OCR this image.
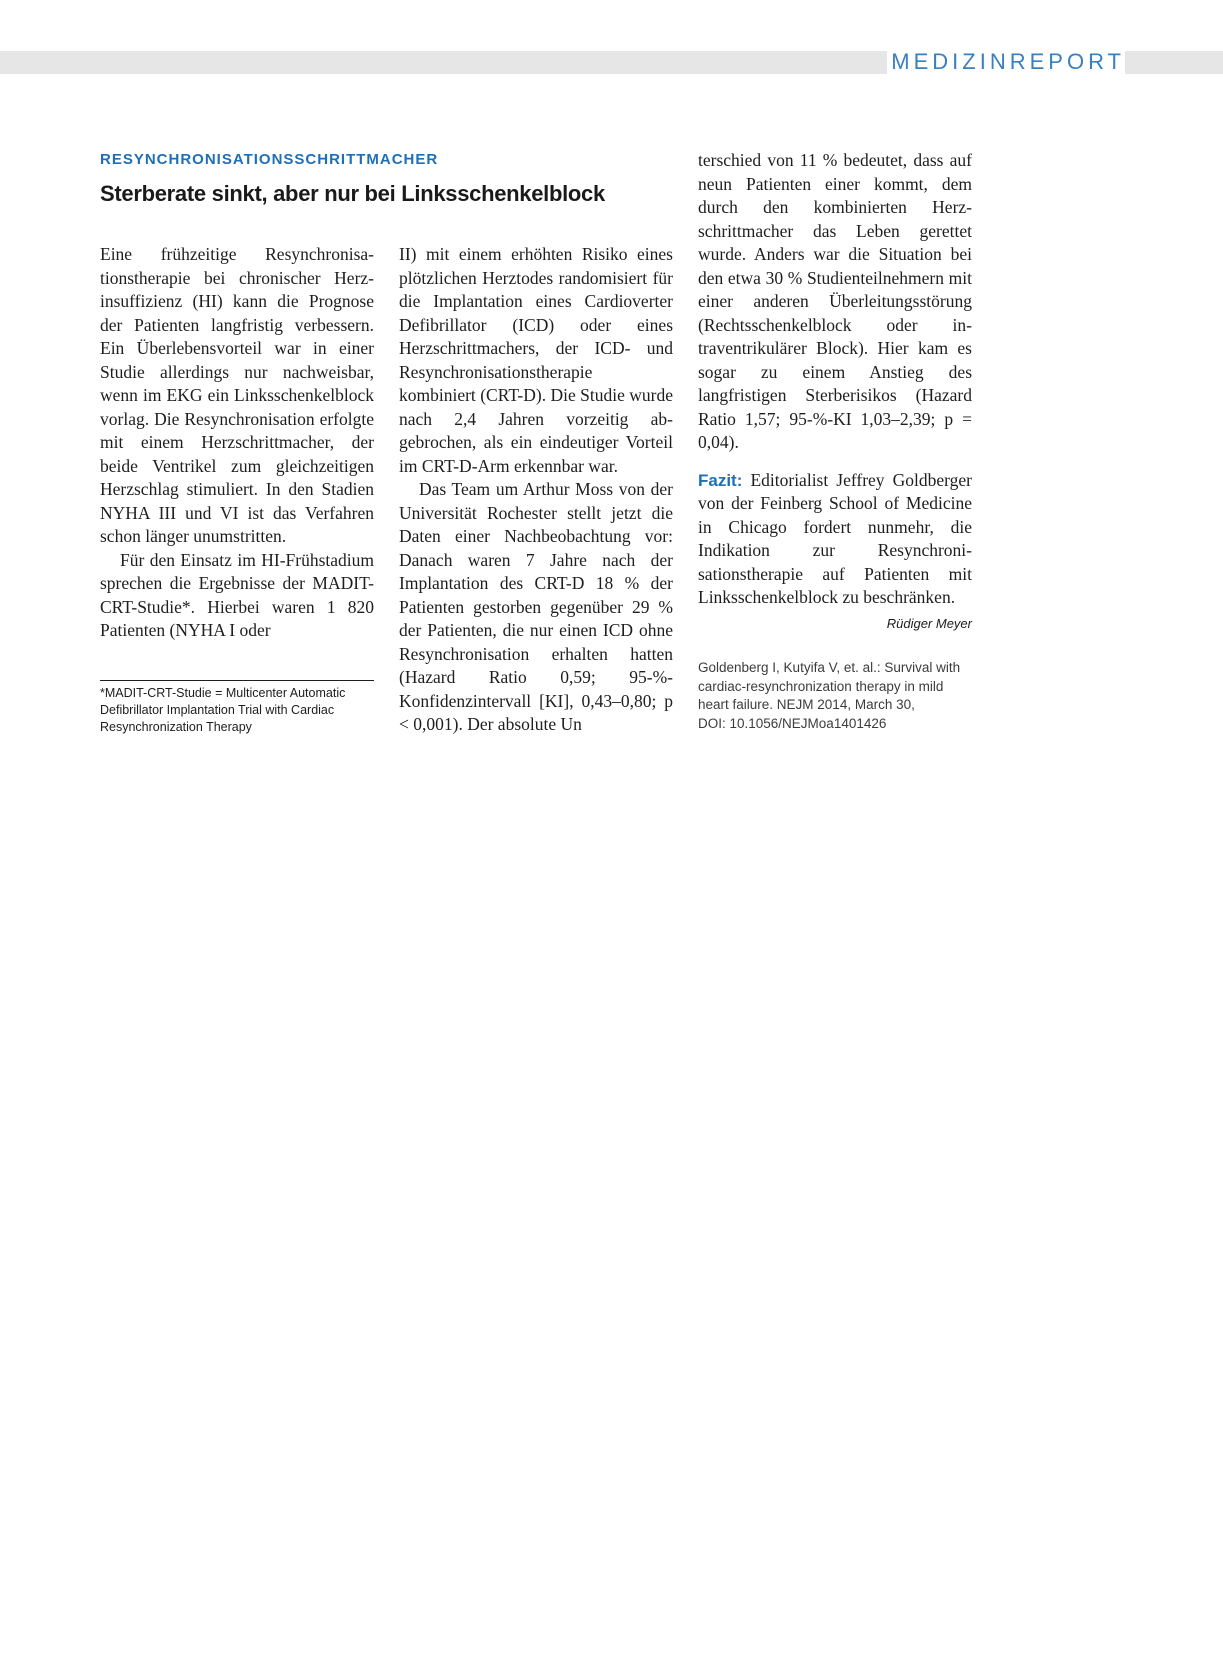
MEDIZINREPORT
RESYNCHRONISATIONSSCHRITTMACHER
Sterberate sinkt, aber nur bei Linksschenkelblock

Eine frühzeitige Resynchronisationstherapie bei chronischer Herzinsuffizienz (HI) kann die Prognose der Patienten langfristig verbessern. Ein Überlebensvorteil war in einer Studie allerdings nur nachweisbar, wenn im EKG ein Linksschenkelblock vorlag. Die Resynchronisation erfolgte mit einem Herzschrittmacher, der beide Ventrikel zum gleichzeitigen Herzschlag stimuliert. In den Stadien NYHA III und VI ist das Verfahren schon länger unumstritten.

Für den Einsatz im HI-Frühstadium sprechen die Ergebnisse der MADIT-CRT-Studie*. Hierbei waren 1 820 Patienten (NYHA I oder

*MADIT-CRT-Studie = Multicenter Automatic Defibrillator Implantation Trial with Cardiac Resynchronization Therapy

II) mit einem erhöhten Risiko eines plötzlichen Herztodes randomisiert für die Implantation eines Cardioverter Defibrillator (ICD) oder eines Herzschrittmachers, der ICD- und Resynchronisationstherapie kombiniert (CRT-D). Die Studie wurde nach 2,4 Jahren vorzeitig abgebrochen, als ein eindeutiger Vorteil im CRT-D-Arm erkennbar war.

Das Team um Arthur Moss von der Universität Rochester stellt jetzt die Daten einer Nachbeobachtung vor: Danach waren 7 Jahre nach der Implantation des CRT-D 18 % der Patienten gestorben gegenüber 29 % der Patienten, die nur einen ICD ohne Resynchronisation erhalten hatten (Hazard Ratio 0,59; 95-%-Konfidenzintervall [KI], 0,43–0,80; p < 0,001). Der absolute Un

terschied von 11 % bedeutet, dass auf neun Patienten einer kommt, dem durch den kombinierten Herzschrittmacher das Leben gerettet wurde. Anders war die Situation bei den etwa 30 % Studienteilnehmern mit einer anderen Überleitungsstörung (Rechtsschenkelblock oder intraventrikulärer Block). Hier kam es sogar zu einem Anstieg des langfristigen Sterberisikos (Hazard Ratio 1,57; 95-%-KI 1,03–2,39; p = 0,04).

Fazit: Editorialist Jeffrey Goldberger von der Feinberg School of Medicine in Chicago fordert nunmehr, die Indikation zur Resynchronisationstherapie auf Patienten mit Linksschenkelblock zu beschränken.
Rüdiger Meyer

Goldenberg I, Kutyifa V, et. al.: Survival with cardiac-resynchronization therapy in mild heart failure. NEJM 2014, March 30,
DOI: 10.1056/NEJMoa1401426
